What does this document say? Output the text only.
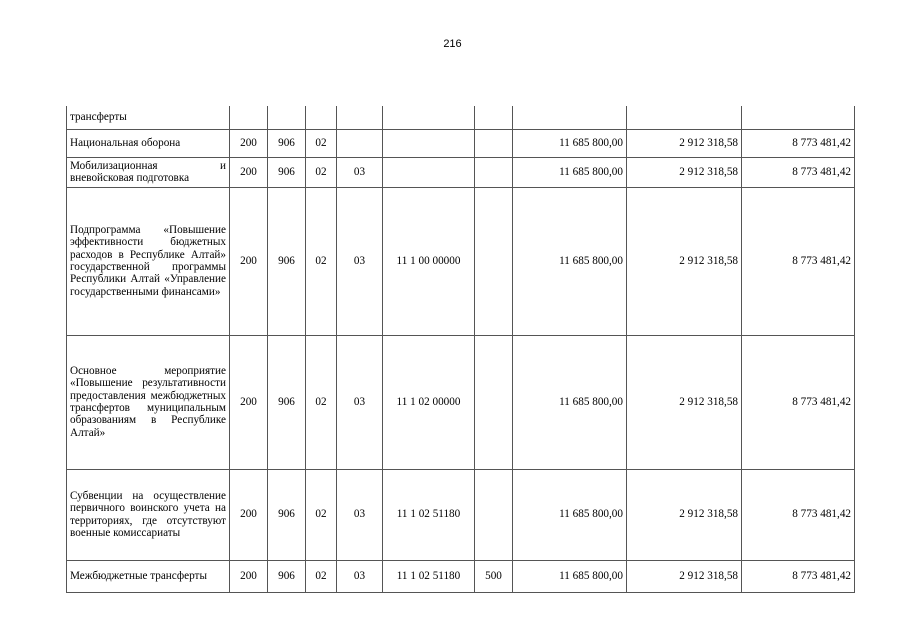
216
трансферты									
Национальная оборона	200	906	02				11 685 800,00	2 912 318,58	8 773 481,42
Мобилизационная и вневойсковая подготовка	200	906	02	03			11 685 800,00	2 912 318,58	8 773 481,42
Подпрограмма «Повышение эффективности бюджетных расходов в Республике Алтай» государственной программы Республики Алтай «Управление государственными финансами»	200	906	02	03	11 1 00 00000		11 685 800,00	2 912 318,58	8 773 481,42
Основное мероприятие «Повышение результативности предоставления межбюджетных трансфертов муниципальным образованиям в Республике Алтай»	200	906	02	03	11 1 02 00000		11 685 800,00	2 912 318,58	8 773 481,42
Субвенции на осуществление первичного воинского учета на территориях, где отсутствуют военные комиссариаты	200	906	02	03	11 1 02 51180		11 685 800,00	2 912 318,58	8 773 481,42
Межбюджетные трансферты	200	906	02	03	11 1 02 51180	500	11 685 800,00	2 912 318,58	8 773 481,42
